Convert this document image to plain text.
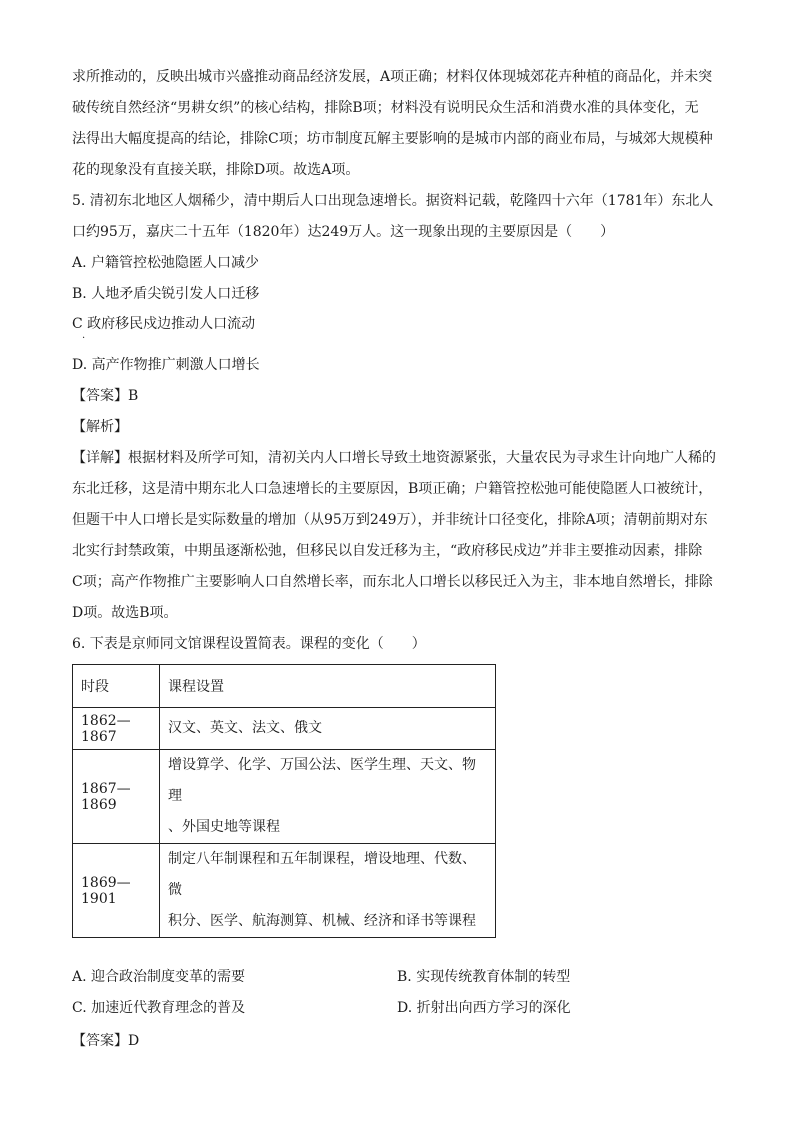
求所推动的，反映出城市兴盛推动商品经济发展，A项正确；材料仅体现城郊花卉种植的商品化，并未突
破传统自然经济“男耕女织”的核心结构，排除B项；材料没有说明民众生活和消费水准的具体变化，无
法得出大幅度提高的结论，排除C项；坊市制度瓦解主要影响的是城市内部的商业布局，与城郊大规模种
花的现象没有直接关联，排除D项。故选A项。
5. 清初东北地区人烟稀少，清中期后人口出现急速增长。据资料记载，乾隆四十六年（1781年）东北人
口约95万，嘉庆二十五年（1820年）达249万人。这一现象出现的主要原因是（　　）
A. 户籍管控松弛隐匿人口减少
B. 人地矛盾尖锐引发人口迁移
C 政府移民戍边推动人口流动
D. 高产作物推广刺激人口增长
【答案】B
【解析】
【详解】根据材料及所学可知，清初关内人口增长导致土地资源紧张，大量农民为寻求生计向地广人稀的
东北迁移，这是清中期东北人口急速增长的主要原因，B项正确；户籍管控松弛可能使隐匿人口被统计，
但题干中人口增长是实际数量的增加（从95万到249万），并非统计口径变化，排除A项；清朝前期对东
北实行封禁政策，中期虽逐渐松弛，但移民以自发迁移为主，“政府移民戍边”并非主要推动因素，排除
C项；高产作物推广主要影响人口自然增长率，而东北人口增长以移民迁入为主，非本地自然增长，排除
D项。故选B项。
6. 下表是京师同文馆课程设置简表。课程的变化（　　）
时段	课程设置
1862—1867	汉文、英文、法文、俄文

1867—1869	增设算学、化学、万国公法、医学生理、天文、物理
、外国史地等课程

1869—1901	制定八年制课程和五年制课程，增设地理、代数、微
积分、医学、航海测算、机械、经济和译书等课程
A. 迎合政治制度变革的需要	B. 实现传统教育体制的转型
C. 加速近代教育理念的普及	D. 折射出向西方学习的深化
【答案】D
.
